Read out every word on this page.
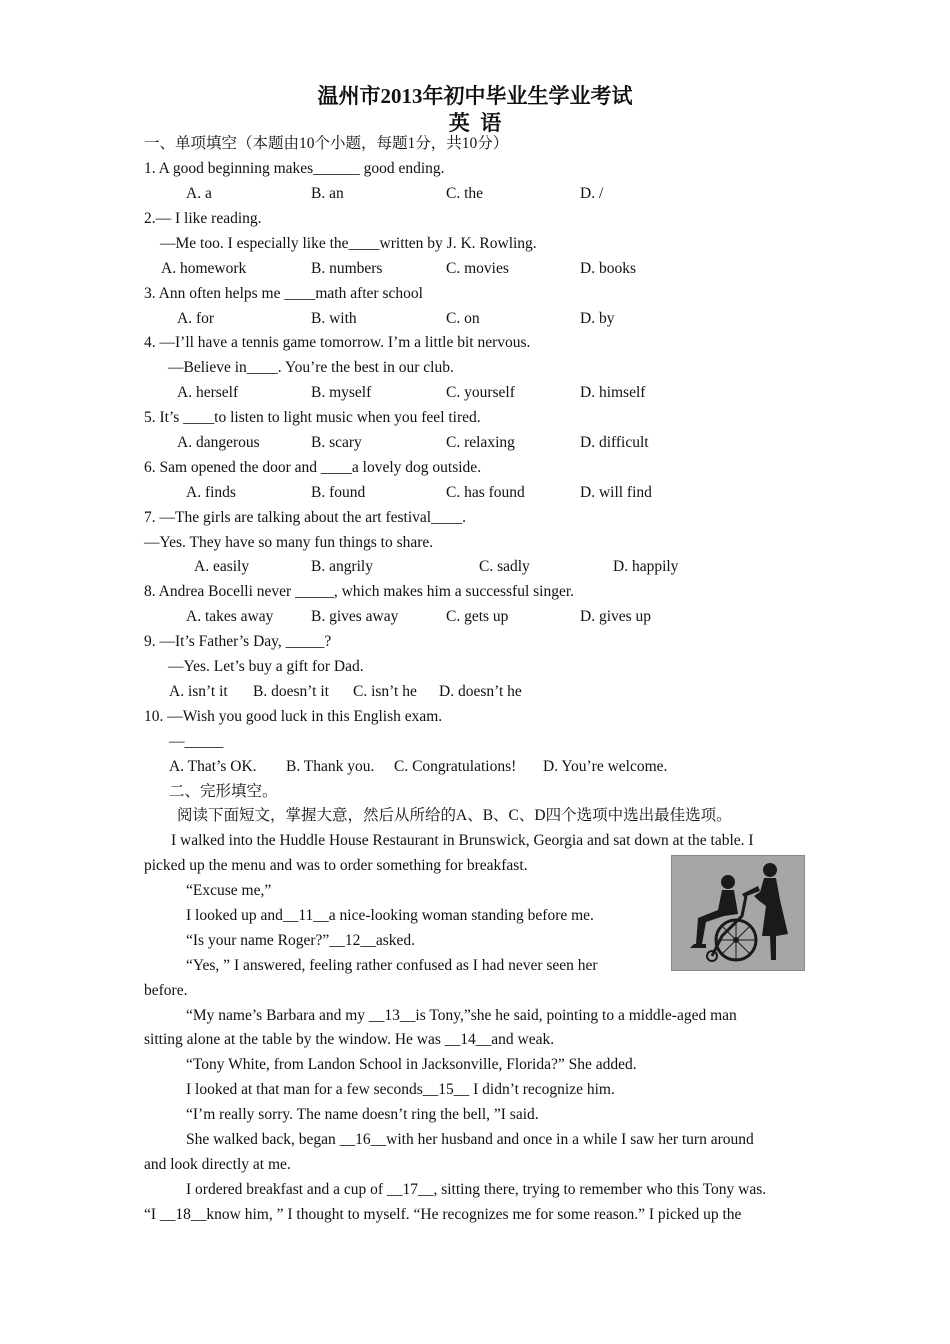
温州市2013年初中毕业生学业考试
英  语
一、单项填空（本题由10个小题，每题1分，共10分）
1. A good beginning makes______ good ending.
A. a	B. an	C. the	D. /
2.— I like reading.
—Me too. I especially like the____written by J. K. Rowling.
A. homework	B. numbers	C. movies	D. books
3. Ann often helps me ____math after school
A. for	B. with	C. on	D. by
4. —I’ll have a tennis game tomorrow. I’m a little bit nervous.
—Believe in____. You’re the best in our club.
A. herself	B. myself	C. yourself	D. himself
5. It’s ____to listen to light music when you feel tired.
A. dangerous	B. scary	C. relaxing	D. difficult
6. Sam opened the door and ____a lovely dog outside.
A. finds	B. found	C. has found	D. will find
7. —The girls are talking about the art festival____.
—Yes. They have so many fun things to share.
A. easily	B. angrily	C. sadly	D. happily
8. Andrea Bocelli never _____, which makes him a successful singer.
A. takes away B. gives away	C. gets up	D. gives up
9. —It’s Father’s Day, _____?
—Yes. Let’s buy a gift for Dad.
A. isn’t it B. doesn’t it C. isn’t he D. doesn’t he
10. —Wish you good luck in this English exam.
—_____
A. That’s OK. B. Thank you. C. Congratulations! D. You’re welcome.
二、完形填空。
阅读下面短文，掌握大意，然后从所给的A、B、C、D四个选项中选出最佳选项。
I walked into the Huddle House Restaurant in Brunswick, Georgia and sat down at the table. I
picked up the menu and was to order something for breakfast.
“Excuse me,”
I looked up and__11__a nice-looking woman standing before me.
“Is your name Roger?”__12__asked.
“Yes, ” I answered, feeling rather confused as I had never seen her
before.
“My name’s Barbara and my __13__is Tony,”she he said, pointing to a middle-aged man
sitting alone at the table by the window. He was __14__and weak.
“Tony White, from Landon School in Jacksonville, Florida?” She added.
I looked at that man for a few seconds__15__ I didn’t recognize him.
“I’m really sorry. The name doesn’t ring the bell, ”I said.
She walked back, began __16__with her husband and once in a while I saw her turn around
and look directly at me.
I ordered breakfast and a cup of __17__, sitting there, trying to remember who this Tony was.
“I __18__know him, ” I thought to myself. “He recognizes me for some reason.” I picked up the
